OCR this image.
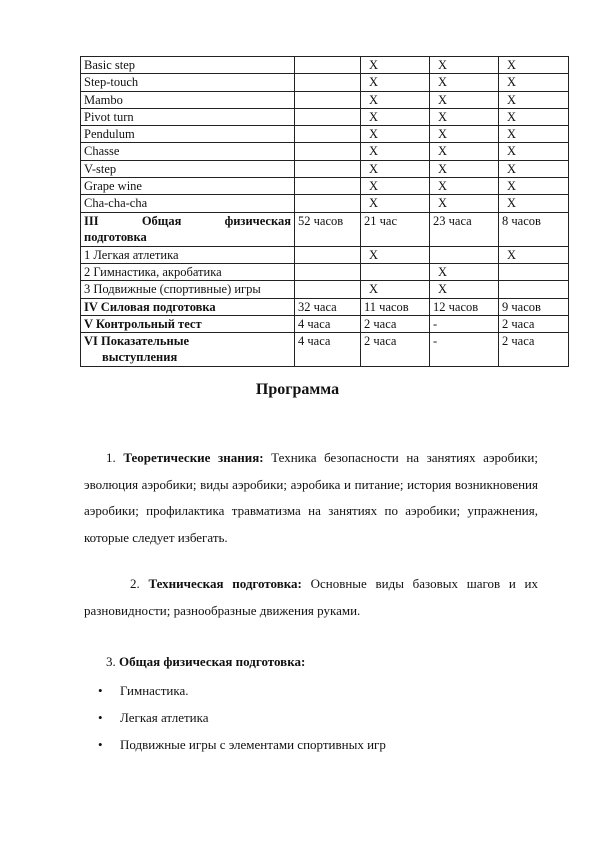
Basic step		X	X	X
Step-touch		X	X	X
Mambo		X	X	X
Pivot turn		X	X	X
Pendulum		X	X	X
Chasse		X	X	X
V-step		X	X	X
Grape wine		X	X	X
Cha-cha-cha		X	X	X

III Общая физическая
подготовка	52 часов	21 час	23 часа	8 часов
1 Легкая атлетика		X		X
2 Гимнастика, акробатика			X	
3 Подвижные (спортивные) игры		X	X	
IV Силовая подготовка	32 часа	11 часов	12 часов	9 часов
V Контрольный тест	4 часа	2 часа	-	2 часа

VI Показательные
выступления	4 часа	2 часа	-	2 часа
Программа
1. Теоретические знания: Техника безопасности на занятиях аэробики; эволюция аэробики; виды аэробики; аэробика и питание; история возникновения аэробики; профилактика травматизма на занятиях по аэробики; упражнения, которые следует избегать.
2. Техническая подготовка: Основные виды базовых шагов и их разновидности; разнообразные движения руками.
3. Общая физическая подготовка:
• Гимнастика.
• Легкая атлетика
• Подвижные игры с элементами спортивных игр
